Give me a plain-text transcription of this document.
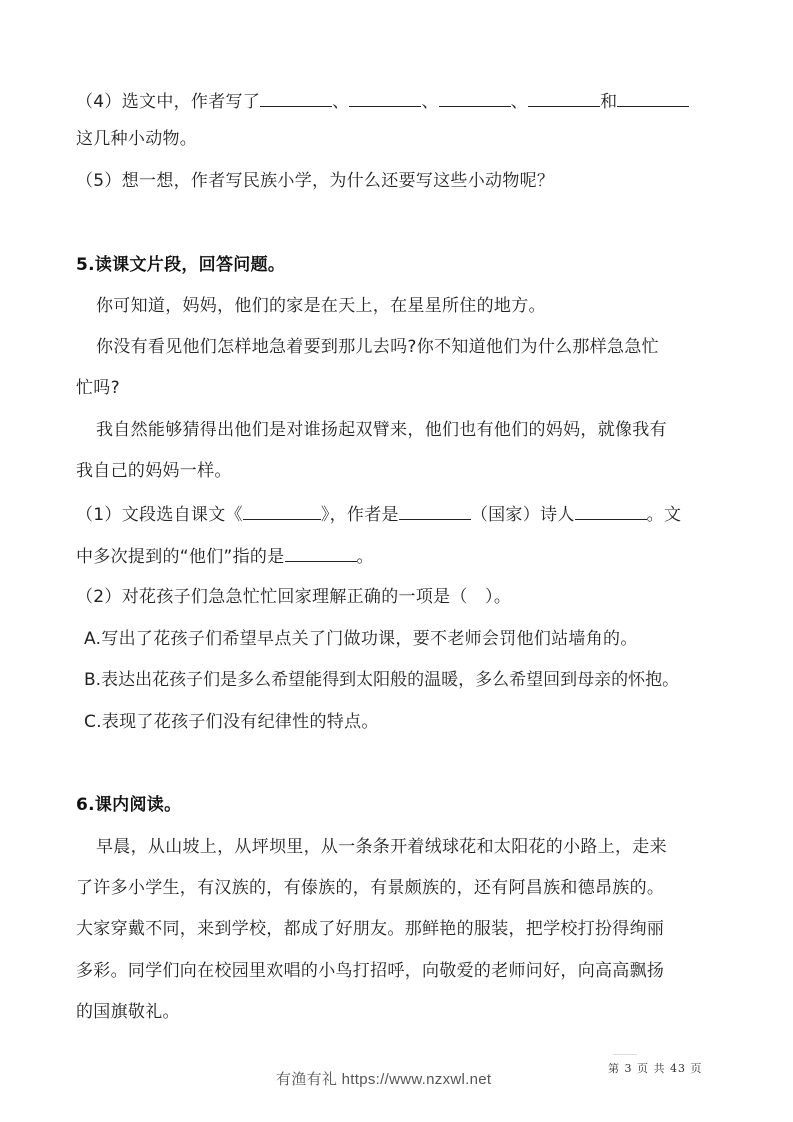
（4）选文中，作者写了	、	、	、	和
这几种小动物。
（5）想一想，作者写民族小学，为什么还要写这些小动物呢？
5.读课文片段，回答问题。
你可知道，妈妈，他们的家是在天上，在星星所住的地方。
你没有看见他们怎样地急着要到那儿去吗?你不知道他们为什么那样急急忙
忙吗?
我自然能够猜得出他们是对谁扬起双臂来，他们也有他们的妈妈，就像我有
我自己的妈妈一样。
（1）文段选自课文《	》，作者是	（国家）诗人	。文
中多次提到的“他们”指的是	。
（2）对花孩子们急急忙忙回家理解正确的一项是（　）。
A.写出了花孩子们希望早点关了门做功课，要不老师会罚他们站墙角的。
B.表达出花孩子们是多么希望能得到太阳般的温暖，多么希望回到母亲的怀抱。
C.表现了花孩子们没有纪律性的特点。
6.课内阅读。
早晨，从山坡上，从坪坝里，从一条条开着绒球花和太阳花的小路上，走来
了许多小学生，有汉族的，有傣族的，有景颇族的，还有阿昌族和德昂族的。
大家穿戴不同，来到学校，都成了好朋友。那鲜艳的服装，把学校打扮得绚丽
多彩。同学们向在校园里欢唱的小鸟打招呼，向敬爱的老师问好，向高高飘扬
的国旗敬礼。
第 3 页 共 43 页
有渔有礼 https://www.nzxwl.net
